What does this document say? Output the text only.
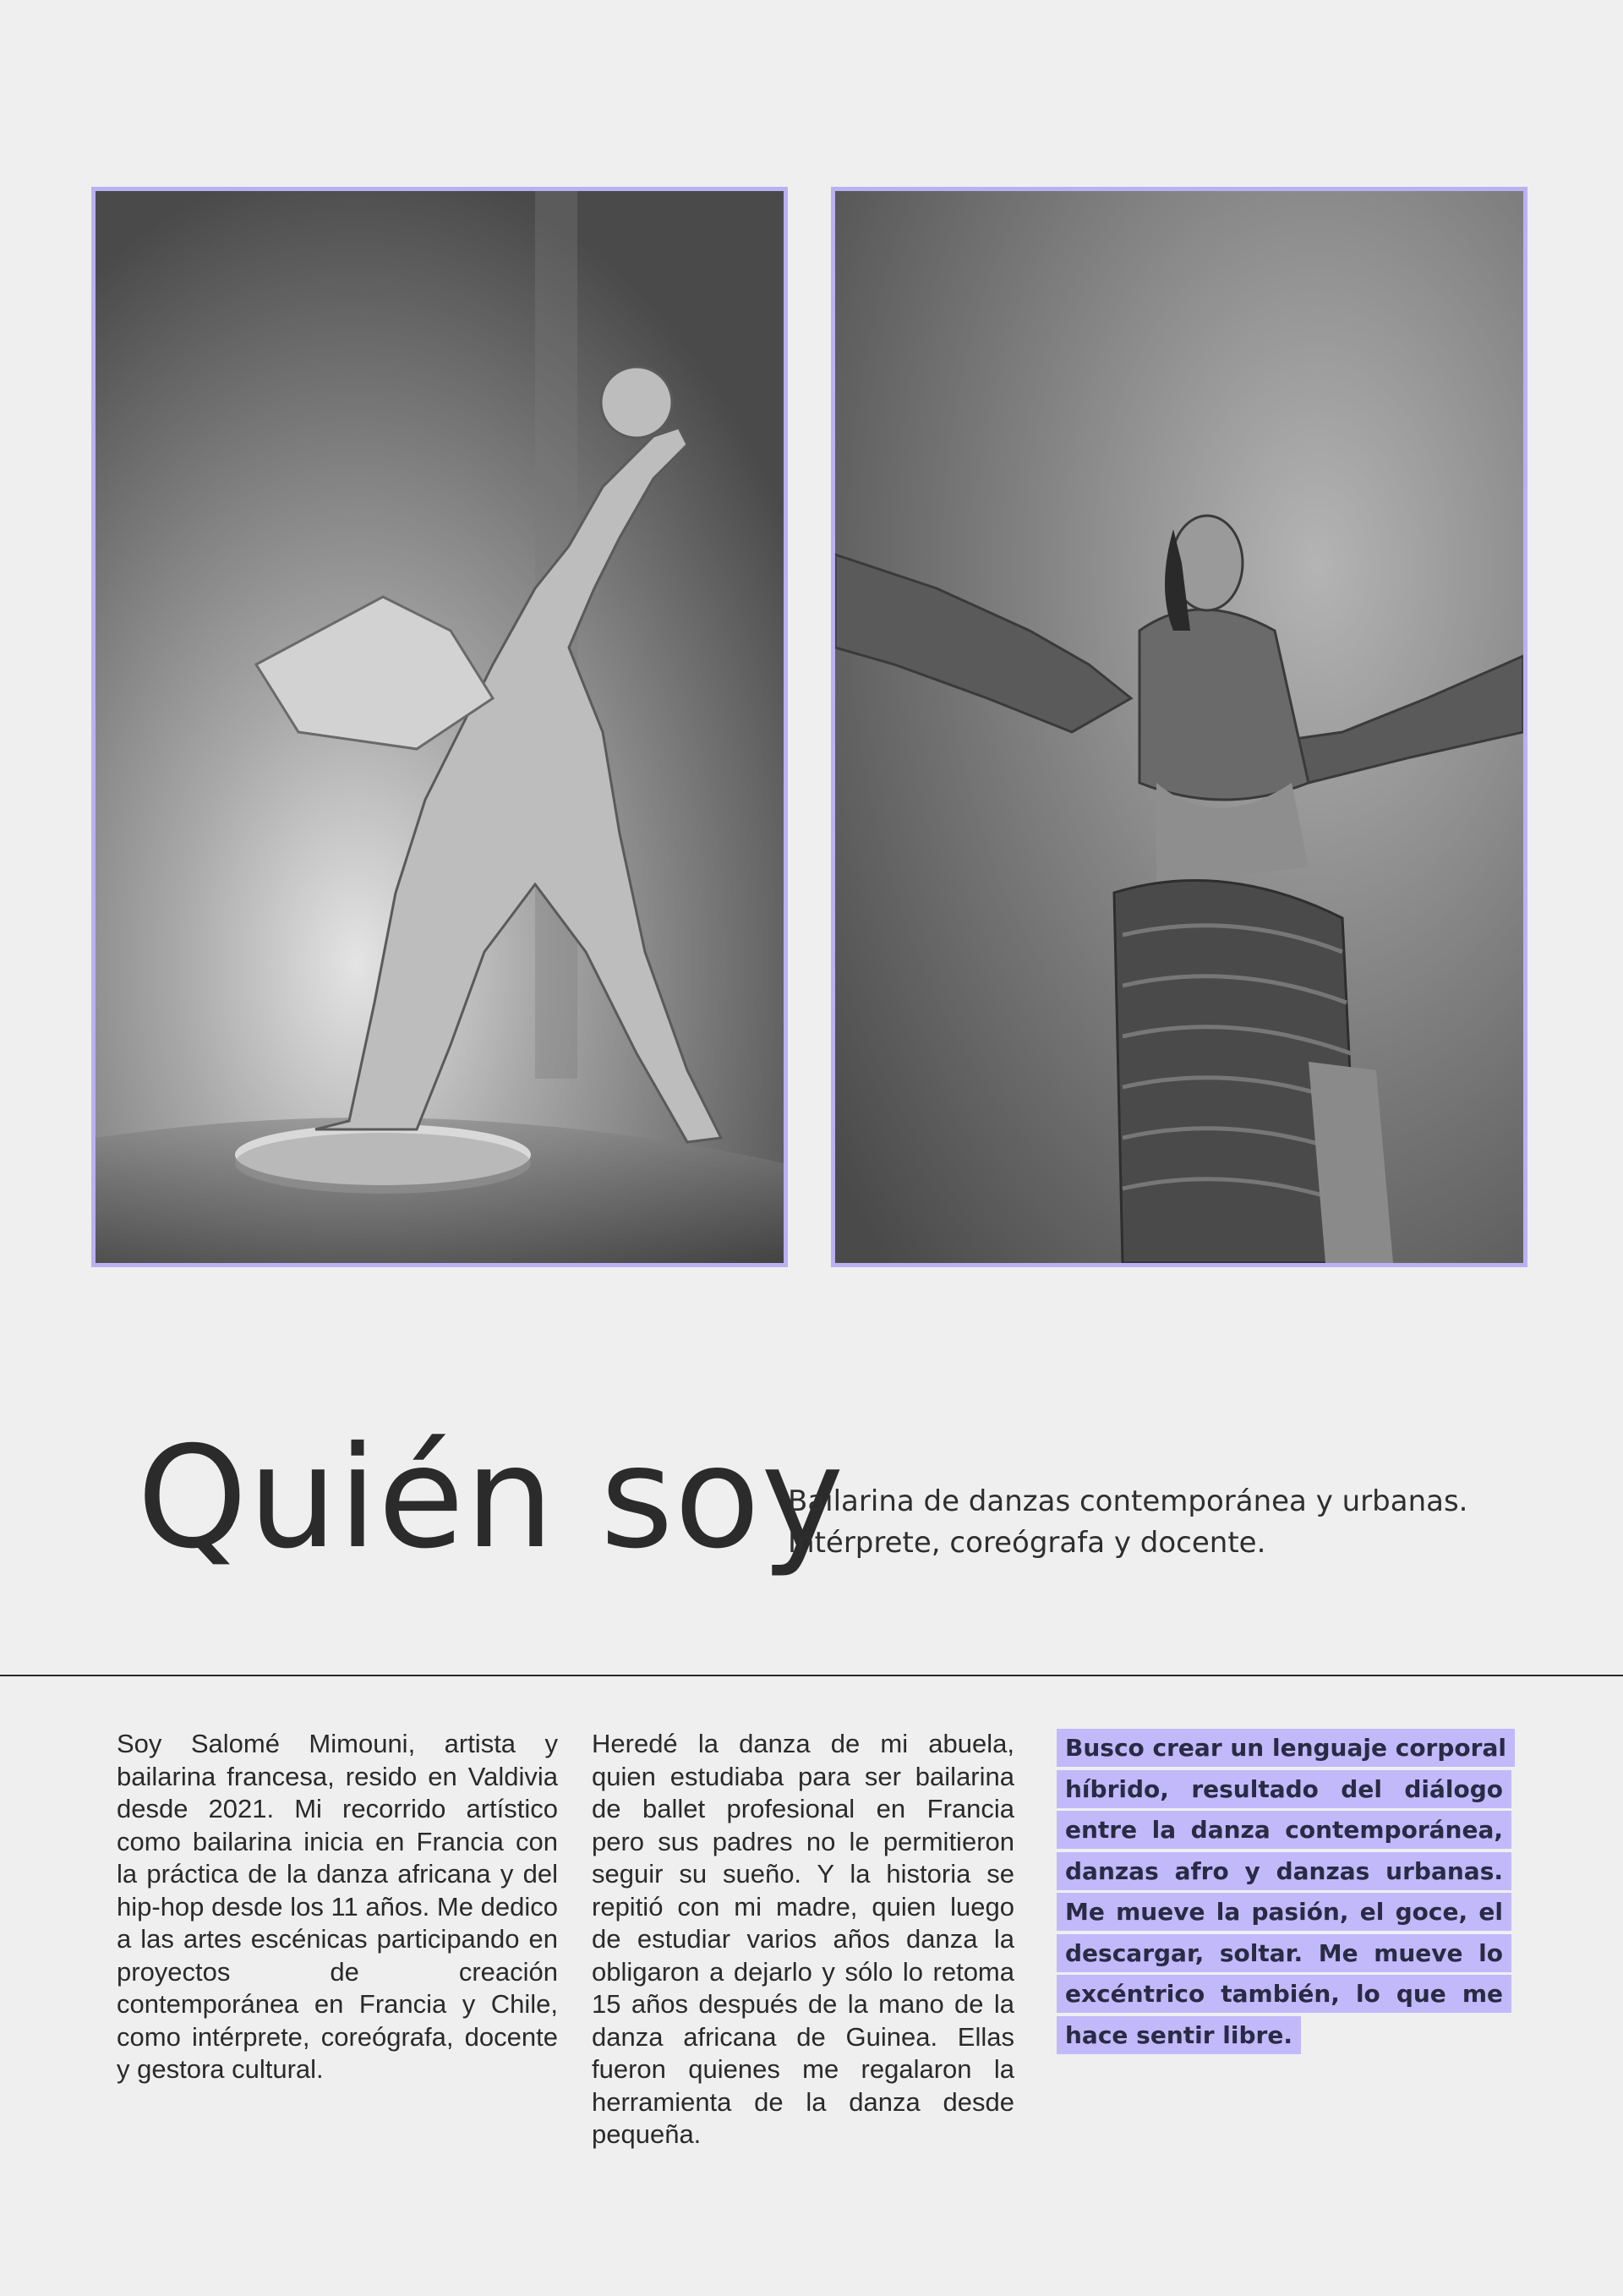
Quién soy
Bailarina de danzas contemporánea y urbanas.
Intérprete, coreógrafa y docente.
Soy Salomé Mimouni, artista y bailarina francesa, resido en Valdivia desde 2021. Mi recorrido artístico como bailarina inicia en Francia con la práctica de la danza africana y del hip-hop desde los 11 años. Me dedico a las artes escénicas participando en proyectos de creación contemporánea en Francia y Chile, como intérprete, coreógrafa, docente y gestora cultural.
Heredé la danza de mi abuela, quien estudiaba para ser bailarina de ballet profesional en Francia pero sus padres no le permitieron seguir su sueño. Y la historia se repitió con mi madre, quien luego de estudiar varios años danza la obligaron a dejarlo y sólo lo retoma 15 años después de la mano de la danza africana de Guinea. Ellas fueron quienes me regalaron la herramienta de la danza desde pequeña.
Busco crear un lenguaje corporal híbrido, resultado del diálogo entre la danza contemporánea, danzas afro y danzas urbanas. Me mueve la pasión, el goce, el descargar, soltar. Me mueve lo excéntrico también, lo que me hace sentir libre.
